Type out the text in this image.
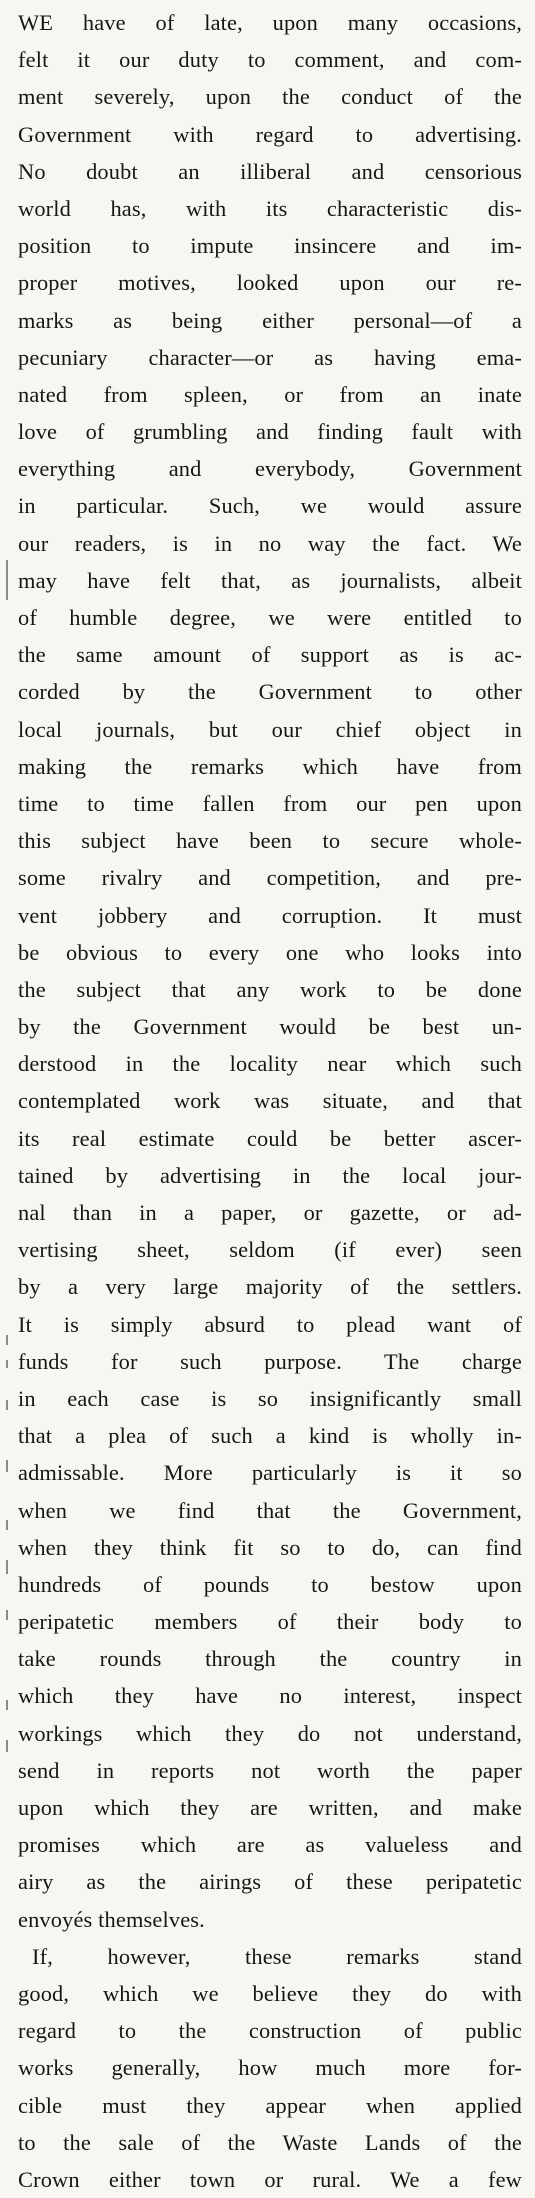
WE have of late, upon many occasions,
felt it our duty to comment, and com-
ment severely, upon the conduct of the
Government with regard to advertising.
No doubt an illiberal and censorious
world has, with its characteristic dis-
position to impute insincere and im-
proper motives, looked upon our re-
marks as being either personal—of a
pecuniary character—or as having ema-
nated from spleen, or from an inate
love of grumbling and finding fault with
everything and everybody, Government
in particular. Such, we would assure
our readers, is in no way the fact. We
may have felt that, as journalists, albeit
of humble degree, we were entitled to
the same amount of support as is ac-
corded by the Government to other
local journals, but our chief object in
making the remarks which have from
time to time fallen from our pen upon
this subject have been to secure whole-
some rivalry and competition, and pre-
vent jobbery and corruption. It must
be obvious to every one who looks into
the subject that any work to be done
by the Government would be best un-
derstood in the locality near which such
contemplated work was situate, and that
its real estimate could be better ascer-
tained by advertising in the local jour-
nal than in a paper, or gazette, or ad-
vertising sheet, seldom (if ever) seen
by a very large majority of the settlers.
It is simply absurd to plead want of
funds for such purpose. The charge
in each case is so insignificantly small
that a plea of such a kind is wholly in-
admissable. More particularly is it so
when we find that the Government,
when they think fit so to do, can find
hundreds of pounds to bestow upon
peripatetic members of their body to
take rounds through the country in
which they have no interest, inspect
workings which they do not understand,
send in reports not worth the paper
upon which they are written, and make
promises which are as valueless and
airy as the airings of these peripatetic
envoyés themselves.
If, however, these remarks stand
good, which we believe they do with
regard to the construction of public
works generally, how much more for-
cible must they appear when applied
to the sale of the Waste Lands of the
Crown either town or rural. We a few
